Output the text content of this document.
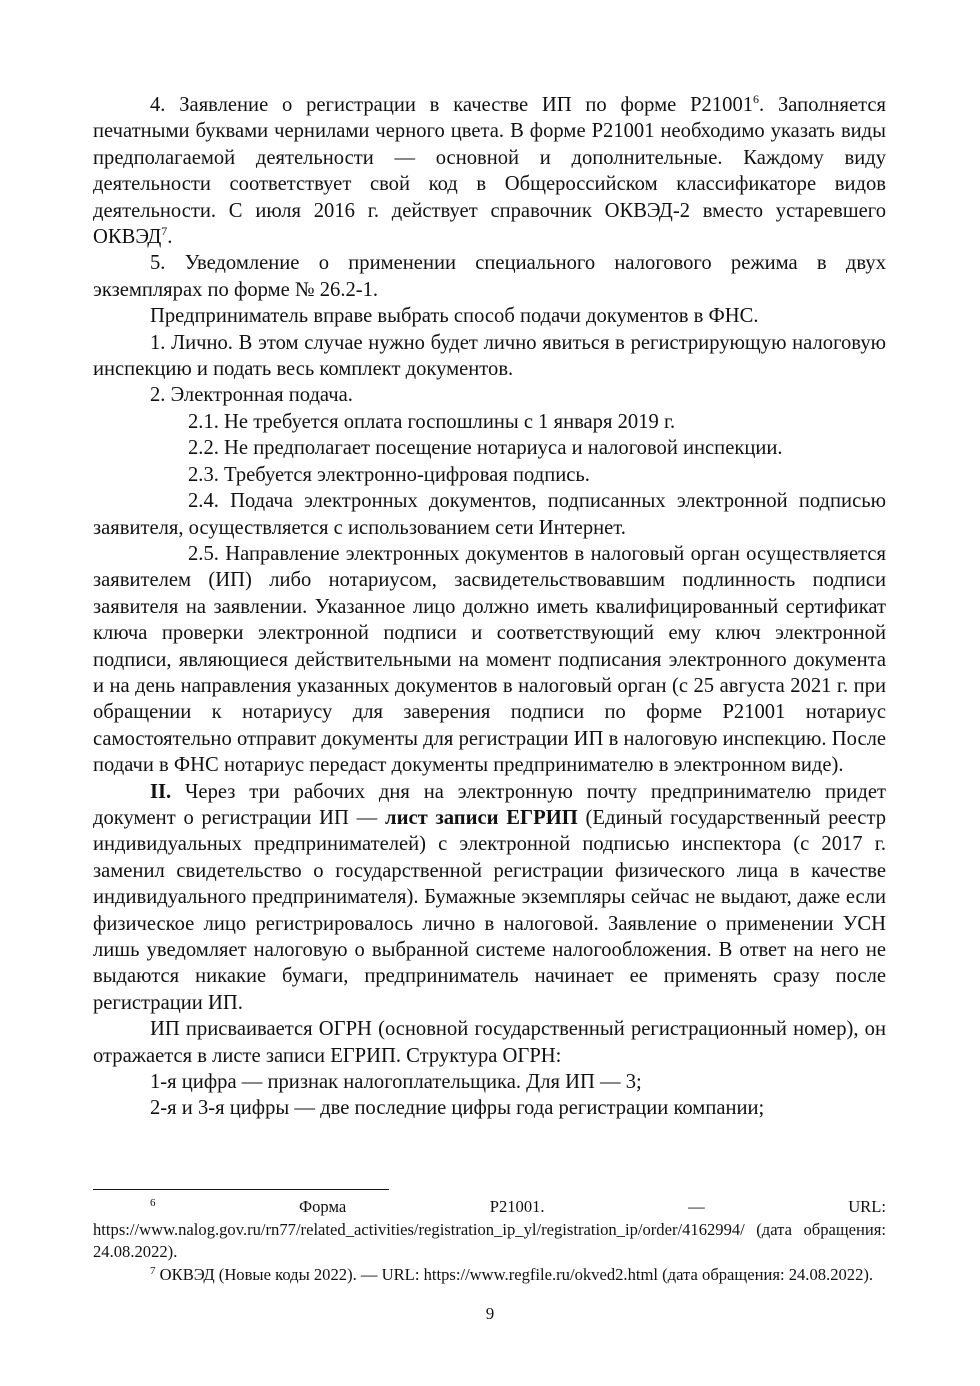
4. Заявление о регистрации в качестве ИП по форме Р21001$^6$. Заполняется печатными буквами чернилами черного цвета. В форме Р21001 необходимо указать виды предполагаемой деятельности — основной и дополнительные. Каждому виду деятельности соответствует свой код в Общероссийском классификаторе видов деятельности. С июля 2016 г. действует справочник ОКВЭД-2 вместо устаревшего ОКВЭД$^7$.

5. Уведомление о применении специального налогового режима в двух экземплярах по форме № 26.2-1.

Предприниматель вправе выбрать способ подачи документов в ФНС.

1. Лично. В этом случае нужно будет лично явиться в регистрирующую налоговую инспекцию и подать весь комплект документов.

2. Электронная подача.

2.1. Не требуется оплата госпошлины с 1 января 2019 г.

2.2. Не предполагает посещение нотариуса и налоговой инспекции.

2.3. Требуется электронно-цифровая подпись.

2.4. Подача электронных документов, подписанных электронной подписью заявителя, осуществляется с использованием сети Интернет.

2.5. Направление электронных документов в налоговый орган осуществляется заявителем (ИП) либо нотариусом, засвидетельствовавшим подлинность подписи заявителя на заявлении. Указанное лицо должно иметь квалифицированный сертификат ключа проверки электронной подписи и соответствующий ему ключ электронной подписи, являющиеся действительными на момент подписания электронного документа и на день направления указанных документов в налоговый орган (с 25 августа 2021 г. при обращении к нотариусу для заверения подписи по форме Р21001 нотариус самостоятельно отправит документы для регистрации ИП в налоговую инспекцию. После подачи в ФНС нотариус передаст документы предпринимателю в электронном виде).

II. Через три рабочих дня на электронную почту предпринимателю придет документ о регистрации ИП — лист записи ЕГРИП (Единый государственный реестр индивидуальных предпринимателей) с электронной подписью инспектора (с 2017 г. заменил свидетельство о государственной регистрации физического лица в качестве индивидуального предпринимателя). Бумажные экземпляры сейчас не выдают, даже если физическое лицо регистрировалось лично в налоговой. Заявление о применении УСН лишь уведомляет налоговую о выбранной системе налогообложения. В ответ на него не выдаются никакие бумаги, предприниматель начинает ее применять сразу после регистрации ИП.

ИП присваивается ОГРН (основной государственный регистрационный номер), он отражается в листе записи ЕГРИП. Структура ОГРН:

1-я цифра — признак налогоплательщика. Для ИП — 3;

2-я и 3-я цифры — две последние цифры года регистрации компании;

$^6$ Форма Р21001. — URL: https://www.nalog.gov.ru/rn77/related_activities/registration_ip_yl/registration_ip/order/4162994/ (дата обращения: 24.08.2022).

$^7$ ОКВЭД (Новые коды 2022). — URL: https://www.regfile.ru/okved2.html (дата обращения: 24.08.2022).

9
